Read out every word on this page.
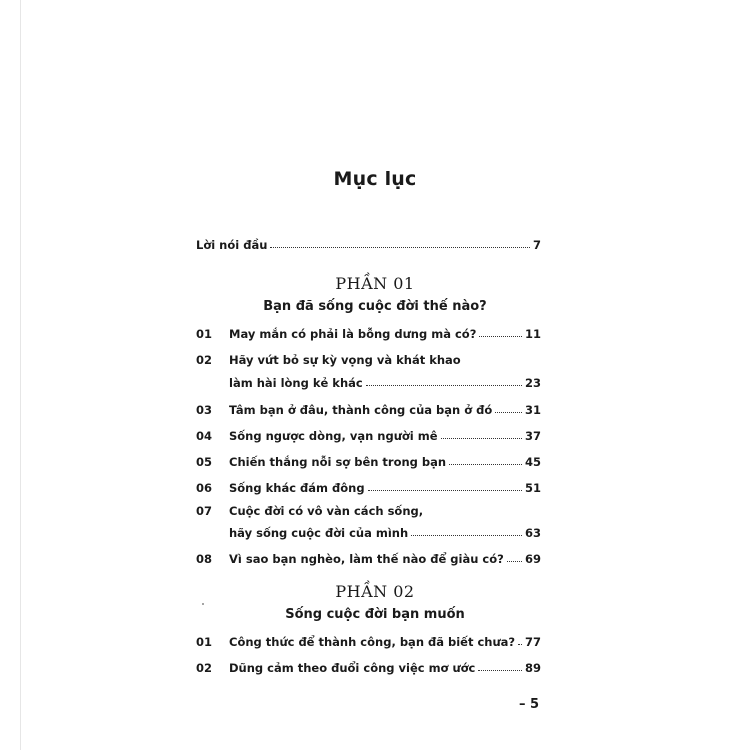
Mục lục
Lời nói đầu	7
PHẦN 01
Bạn đã sống cuộc đời thế nào?
01	May mắn có phải là bỗng dưng mà có?	11
02	Hãy vứt bỏ sự kỳ vọng và khát khao
làm hài lòng kẻ khác	23
03	Tâm bạn ở đâu, thành công của bạn ở đó	31
04	Sống ngược dòng, vạn người mê	37
05	Chiến thắng nỗi sợ bên trong bạn	45
06	Sống khác đám đông	51
07	Cuộc đời có vô vàn cách sống,
hãy sống cuộc đời của mình	63
08	Vì sao bạn nghèo, làm thế nào để giàu có? 69
PHẦN 02
Sống cuộc đời bạn muốn
01	Công thức để thành công, bạn đã biết chưa? 77
02	Dũng cảm theo đuổi công việc mơ ước	89
– 5
